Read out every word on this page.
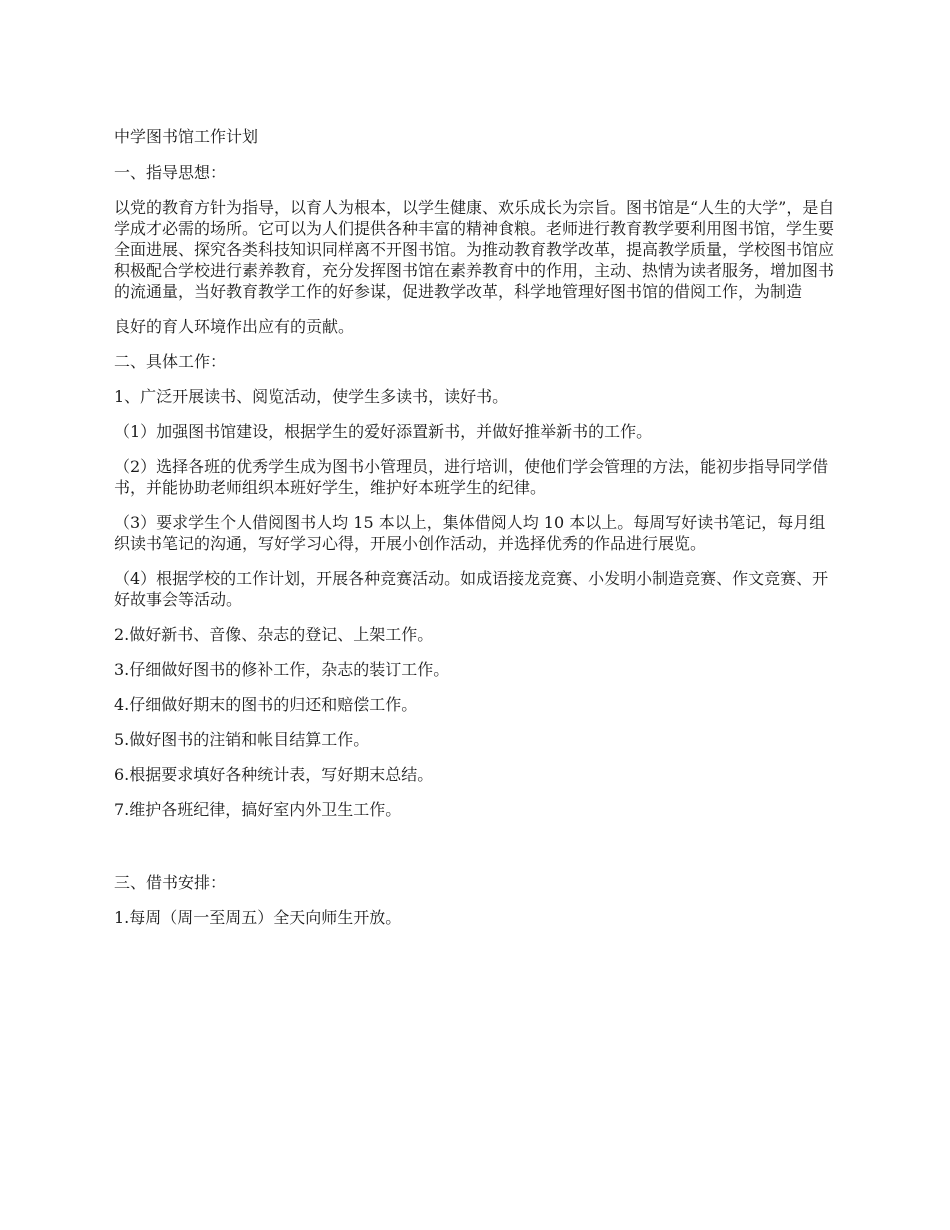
中学图书馆工作计划

一、指导思想：

以党的教育方针为指导，以育人为根本，以学生健康、欢乐成长为宗旨。图书馆是“人生的大学”，是自学成才必需的场所。它可以为人们提供各种丰富的精神食粮。老师进行教育教学要利用图书馆，学生要全面进展、探究各类科技知识同样离不开图书馆。为推动教育教学改革，提高教学质量，学校图书馆应积极配合学校进行素养教育，充分发挥图书馆在素养教育中的作用，主动、热情为读者服务，增加图书的流通量，当好教育教学工作的好参谋，促进教学改革，科学地管理好图书馆的借阅工作，为制造

良好的育人环境作出应有的贡献。

二、具体工作：

1、广泛开展读书、阅览活动，使学生多读书，读好书。

（1）加强图书馆建设，根据学生的爱好添置新书，并做好推举新书的工作。

（2）选择各班的优秀学生成为图书小管理员，进行培训，使他们学会管理的方法，能初步指导同学借书，并能协助老师组织本班好学生，维护好本班学生的纪律。

（3）要求学生个人借阅图书人均 15 本以上，集体借阅人均 10 本以上。每周写好读书笔记，每月组织读书笔记的沟通，写好学习心得，开展小创作活动，并选择优秀的作品进行展览。

（4）根据学校的工作计划，开展各种竞赛活动。如成语接龙竞赛、小发明小制造竞赛、作文竞赛、开好故事会等活动。

2.做好新书、音像、杂志的登记、上架工作。

3.仔细做好图书的修补工作，杂志的装订工作。

4.仔细做好期末的图书的归还和赔偿工作。

5.做好图书的注销和帐目结算工作。

6.根据要求填好各种统计表，写好期末总结。

7.维护各班纪律，搞好室内外卫生工作。

三、借书安排：

1.每周（周一至周五）全天向师生开放。
